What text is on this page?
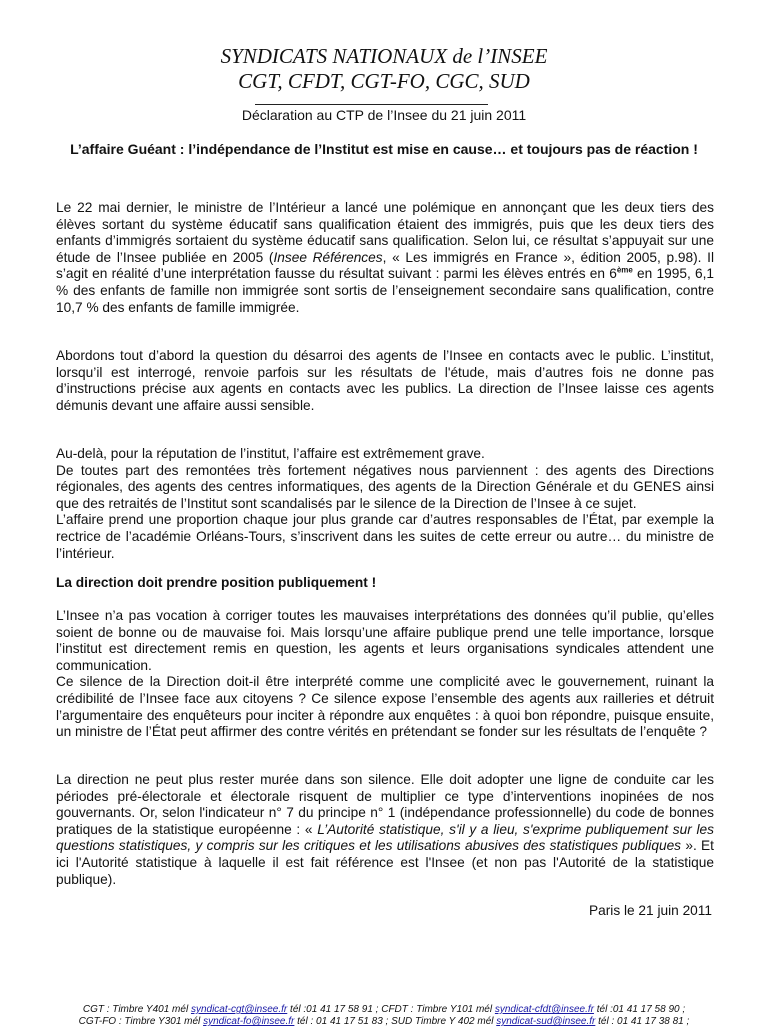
SYNDICATS NATIONAUX de l’INSEE
CGT, CFDT, CGT-FO, CGC, SUD
Déclaration au CTP de l’Insee du 21 juin 2011
L’affaire Guéant : l’indépendance de l’Institut est mise en cause… et toujours pas de réaction !

Le 22 mai dernier, le ministre de l’Intérieur a lancé une polémique en annonçant que les deux tiers des élèves sortant du système éducatif sans qualification étaient des immigrés, puis que les deux tiers des enfants d’immigrés sortaient du système éducatif sans qualification. Selon lui, ce résultat s’appuyait sur une étude de l’Insee publiée en 2005 (Insee Références, « Les immigrés en France », édition 2005, p.98). Il s’agit en réalité d’une interprétation fausse du résultat suivant : parmi les élèves entrés en 6ème en 1995, 6,1 % des enfants de famille non immigrée sont sortis de l’enseignement secondaire sans qualification, contre 10,7 % des enfants de famille immigrée.

Abordons tout d’abord la question du désarroi des agents de l’Insee en contacts avec le public. L’institut, lorsqu’il est interrogé, renvoie parfois sur les résultats de l'étude, mais d’autres fois ne donne pas d’instructions précise aux agents en contacts avec les publics. La direction de l’Insee laisse ces agents démunis devant une affaire aussi sensible.

Au-delà, pour la réputation de l’institut, l’affaire est extrêmement grave.

De toutes part des remontées très fortement négatives nous parviennent : des agents des Directions régionales, des agents des centres informatiques, des agents de la Direction Générale et du GENES ainsi que des retraités de l’Institut sont scandalisés par le silence de la Direction de l’Insee à ce sujet.

L’affaire prend une proportion chaque jour plus grande car d’autres responsables de l’État, par exemple la rectrice de l’académie Orléans-Tours, s’inscrivent dans les suites de cette erreur ou autre… du ministre de l’intérieur.

La direction doit prendre position publiquement !

L’Insee n’a pas vocation à corriger toutes les mauvaises interprétations des données qu’il publie, qu’elles soient de bonne ou de mauvaise foi. Mais lorsqu’une affaire publique prend une telle importance, lorsque l’institut est directement remis en question, les agents et leurs organisations syndicales attendent une communication.

Ce silence de la Direction doit-il être interprété comme une complicité avec le gouvernement, ruinant la crédibilité de l’Insee face aux citoyens ? Ce silence expose l’ensemble des agents aux railleries et détruit l’argumentaire des enquêteurs pour inciter à répondre aux enquêtes : à quoi bon répondre, puisque ensuite, un ministre de l’État peut affirmer des contre vérités en prétendant se fonder sur les résultats de l’enquête ?

La direction ne peut plus rester murée dans son silence. Elle doit adopter une ligne de conduite car les périodes pré-électorale et électorale risquent de multiplier ce type d’interventions inopinées de nos gouvernants. Or, selon l'indicateur n° 7 du principe n° 1 (indépendance professionnelle) du code de bonnes pratiques de la statistique européenne : « L’Autorité statistique, s'il y a lieu, s'exprime publiquement sur les questions statistiques, y compris sur les critiques et les utilisations abusives des statistiques publiques ». Et ici l'Autorité statistique à laquelle il est fait référence est l'Insee (et non pas l'Autorité de la statistique publique).

Paris le 21 juin 2011
CGT : Timbre Y401 mél syndicat-cgt@insee.fr tél :01 41 17 58 91 ; CFDT : Timbre Y101 mél syndicat-cfdt@insee.fr tél :01 41 17 58 90 ;
CGT-FO : Timbre Y301 mél syndicat-fo@insee.fr tél : 01 41 17 51 83 ; SUD Timbre Y 402 mél syndicat-sud@insee.fr tél : 01 41 17 38 81 ;
